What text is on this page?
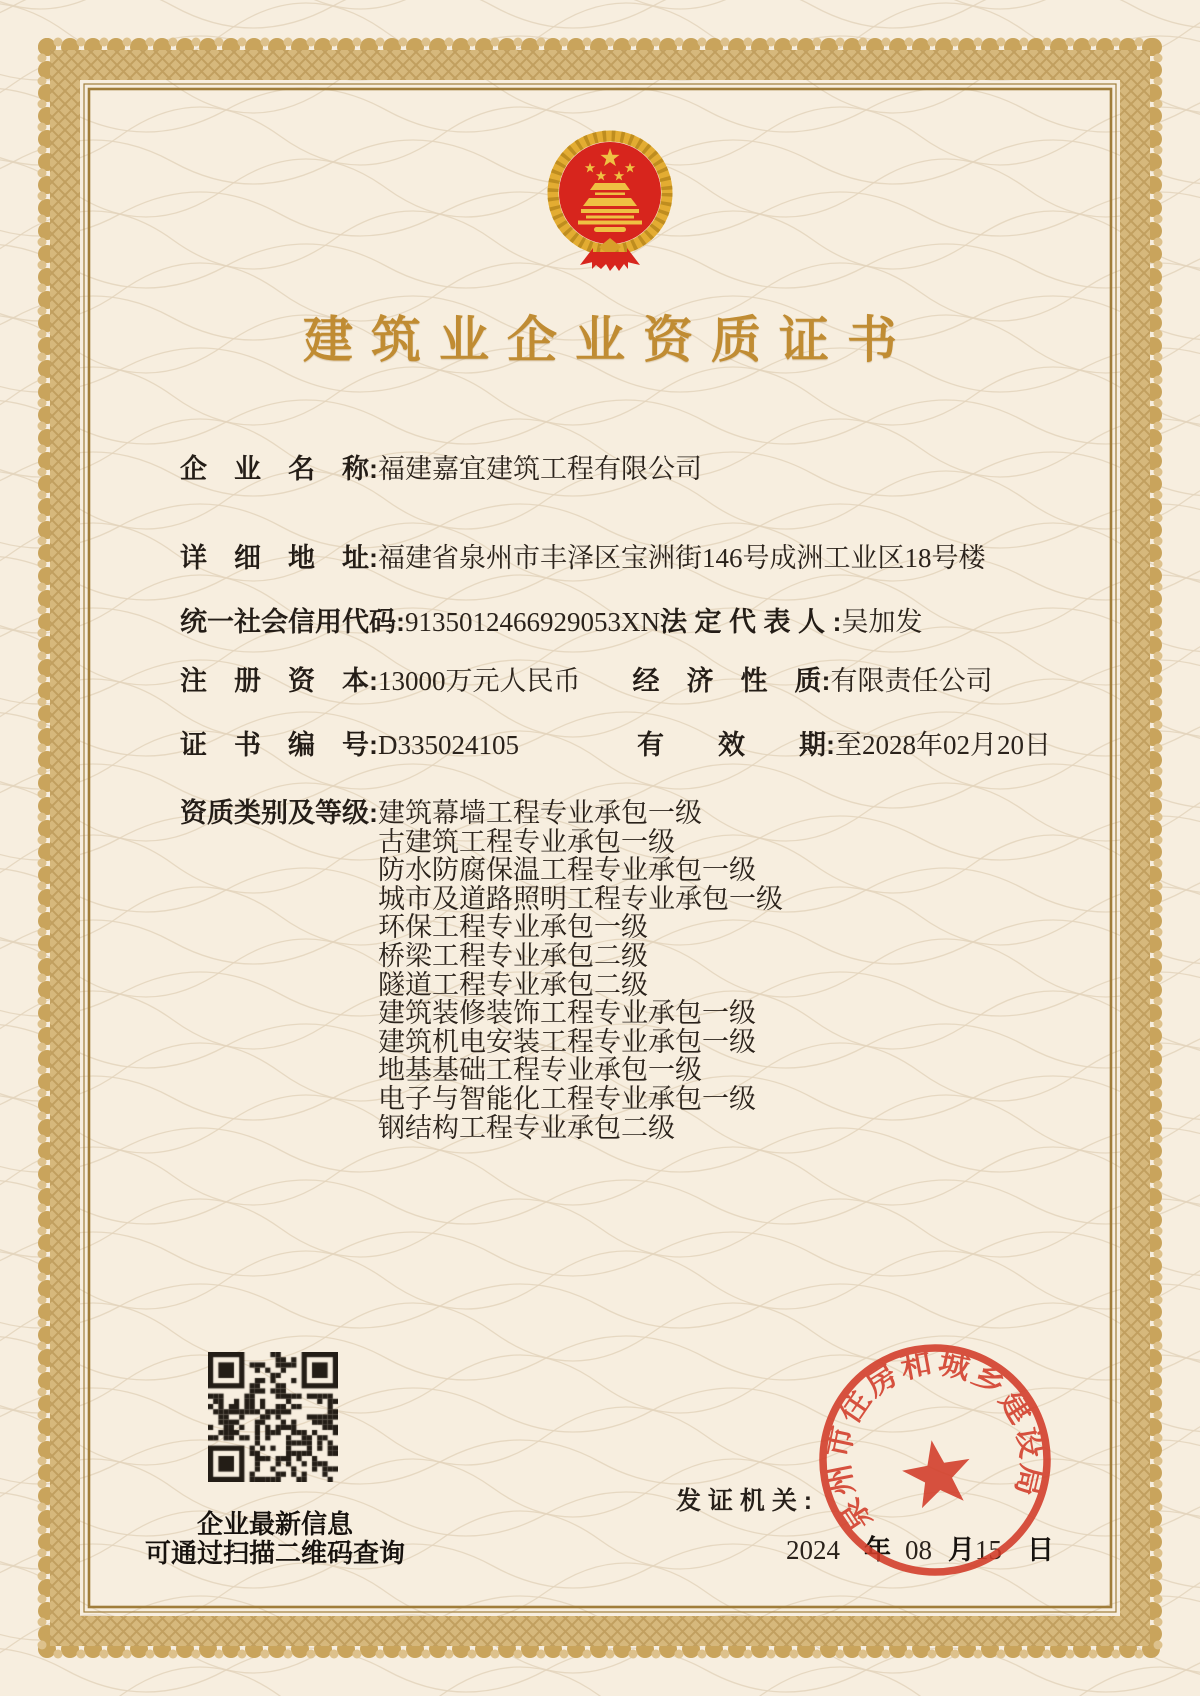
建筑业企业资质证书
企　业　名　称:福建嘉宜建筑工程有限公司
详　细　地　址:福建省泉州市丰泽区宝洲街146号成洲工业区18号楼
统一社会信用代码:9135012466929053XN法 定 代 表 人 :吴加发
注　册　资　本:13000万元人民币 经　济　性　质:有限责任公司
证　书　编　号:D335024105	有　　效　　期:至2028年02月20日
资质类别及等级: 建筑幕墙工程专业承包一级
古建筑工程专业承包一级
防水防腐保温工程专业承包一级
城市及道路照明工程专业承包一级
环保工程专业承包一级
桥梁工程专业承包二级
隧道工程专业承包二级
建筑装修装饰工程专业承包一级
建筑机电安装工程专业承包一级
地基基础工程专业承包一级
电子与智能化工程专业承包一级
钢结构工程专业承包二级
企业最新信息
可通过扫描二维码查询
发 证 机 关 :
2024 年 08 月15 日
泉州市住房和城乡建设局
